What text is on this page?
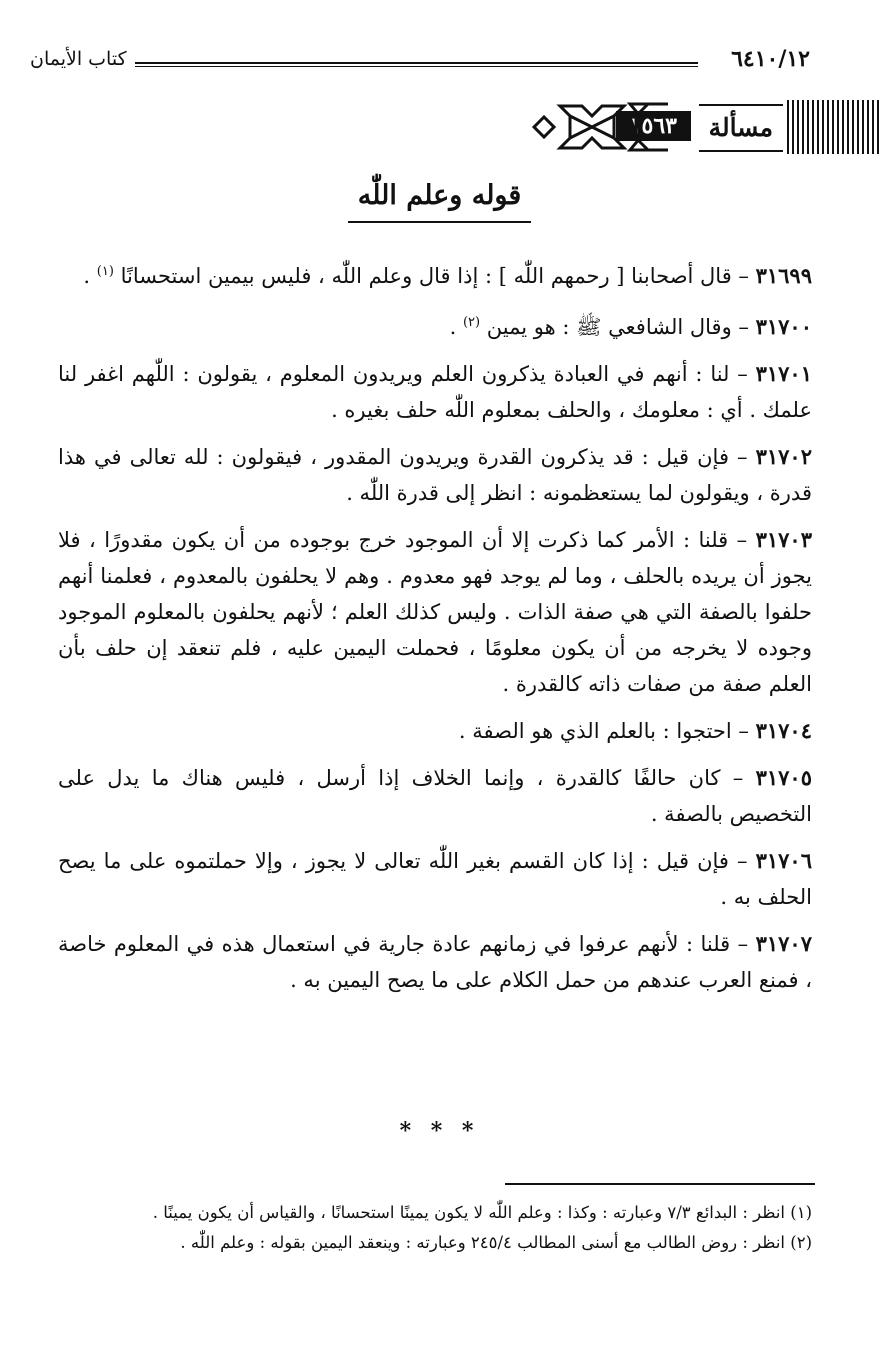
٦٤١٠/١٢
كتاب الأيمان
مسألة
١٥٦٣
قوله وعلم اللّٰه

٣١٦٩٩ – قال أصحابنا [ رحمهم اللّٰه ] : إذا قال وعلم اللّٰه ، فليس بيمين استحسانًا $^{(١)}$ .

٣١٧٠٠ – وقال الشافعي ﷺ : هو يمين $^{(٢)}$ .

٣١٧٠١ – لنا : أنهم في العبادة يذكرون العلم ويريدون المعلوم ، يقولون : اللّٰهم اغفر لنا علمك . أي : معلومك ، والحلف بمعلوم اللّٰه حلف بغيره .

٣١٧٠٢ – فإن قيل : قد يذكرون القدرة ويريدون المقدور ، فيقولون : لله تعالى في هذا قدرة ، ويقولون لما يستعظمونه : انظر إلى قدرة اللّٰه .

٣١٧٠٣ – قلنا : الأمر كما ذكرت إلا أن الموجود خرج بوجوده من أن يكون مقدورًا ، فلا يجوز أن يريده بالحلف ، وما لم يوجد فهو معدوم . وهم لا يحلفون بالمعدوم ، فعلمنا أنهم حلفوا بالصفة التي هي صفة الذات . وليس كذلك العلم ؛ لأنهم يحلفون بالمعلوم الموجود وجوده لا يخرجه من أن يكون معلومًا ، فحملت اليمين عليه ، فلم تنعقد إن حلف بأن العلم صفة من صفات ذاته كالقدرة .

٣١٧٠٤ – احتجوا : بالعلم الذي هو الصفة .

٣١٧٠٥ – كان حالفًا كالقدرة ، وإنما الخلاف إذا أرسل ، فليس هناك ما يدل على التخصيص بالصفة .

٣١٧٠٦ – فإن قيل : إذا كان القسم بغير اللّٰه تعالى لا يجوز ، وإلا حملتموه على ما يصح الحلف به .

٣١٧٠٧ – قلنا : لأنهم عرفوا في زمانهم عادة جارية في استعمال هذه في المعلوم خاصة ، فمنع العرب عندهم من حمل الكلام على ما يصح اليمين به .

* * *

(١) انظر : البدائع ٧/٣ وعبارته : وكذا : وعلم اللّٰه لا يكون يمينًا استحسانًا ، والقياس أن يكون يمينًا .

(٢) انظر : روض الطالب مع أسنى المطالب ٢٤٥/٤ وعبارته : وينعقد اليمين بقوله : وعلم اللّٰه .
